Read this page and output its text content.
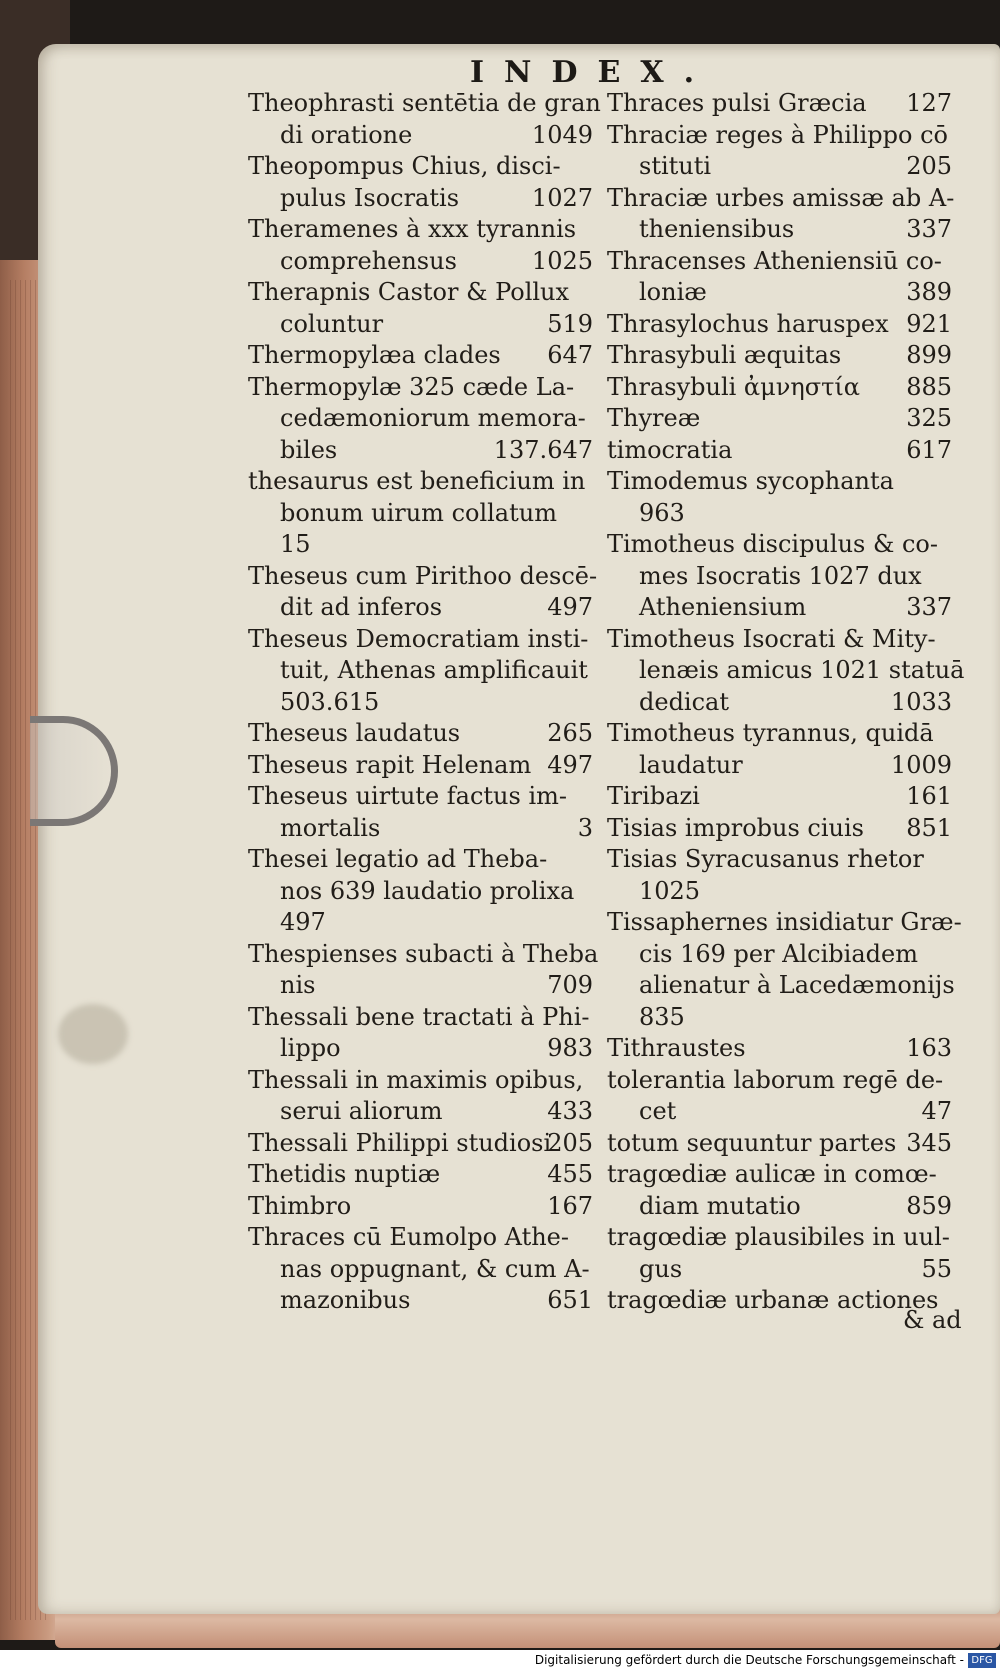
INDEX.
Theophrasti sentētia de gran
di oratione	1049
Theopompus Chius, disci-
pulus Isocratis	1027
Theramenes à xxx tyrannis
comprehensus	1025
Therapnis Castor & Pollux
coluntur	519
Thermopylæa clades 647
Thermopylæ 325 cæde La-
cedæmoniorum memora-
biles	137.647
thesaurus est beneficium in
bonum uirum collatum
15
Theseus cum Pirithoo descē-
dit ad inferos	497
Theseus Democratiam insti-
tuit, Athenas amplificauit
503.615
Theseus laudatus	265
Theseus rapit Helenam 497
Theseus uirtute factus im-
mortalis	3
Thesei legatio ad Theba-
nos 639 laudatio prolixa
497
Thespienses subacti à Theba
nis	709
Thessali bene tractati à Phi-
lippo	983
Thessali in maximis opibus,
serui aliorum	433
Thessali Philippi studiosi
205
Thetidis nuptiæ	455
Thimbro	167
Thraces cū Eumolpo Athe-
nas oppugnant, & cum A-
mazonibus	651
Thraces pulsi Græcia 127
Thraciæ reges à Philippo cō
stituti	205
Thraciæ urbes amissæ ab A-
theniensibus	337
Thracenses Atheniensiū co-
loniæ	389
Thrasylochus haruspex 921
Thrasybuli æquitas	899
Thrasybuli ἀμνηστία 885
Thyreæ	325
timocratia	617
Timodemus sycophanta
963
Timotheus discipulus & co-
mes Isocratis 1027 dux
Atheniensium	337
Timotheus Isocrati & Mity-
lenæis amicus 1021 statuā
dedicat	1033
Timotheus tyrannus, quidā
laudatur	1009
Tiribazi	161
Tisias improbus ciuis 851
Tisias Syracusanus rhetor
1025
Tissaphernes insidiatur Græ-
cis 169 per Alcibiadem
alienatur à Lacedæmonijs
835
Tithraustes	163
tolerantia laborum regē de-
cet	47
totum sequuntur partes 345
tragœdiæ aulicæ in comœ-
diam mutatio	859
tragœdiæ plausibiles in uul-
gus	55
tragœdiæ urbanæ actiones
& ad
Digitalisierung gefördert durch die Deutsche Forschungsgemeinschaft - DFG
